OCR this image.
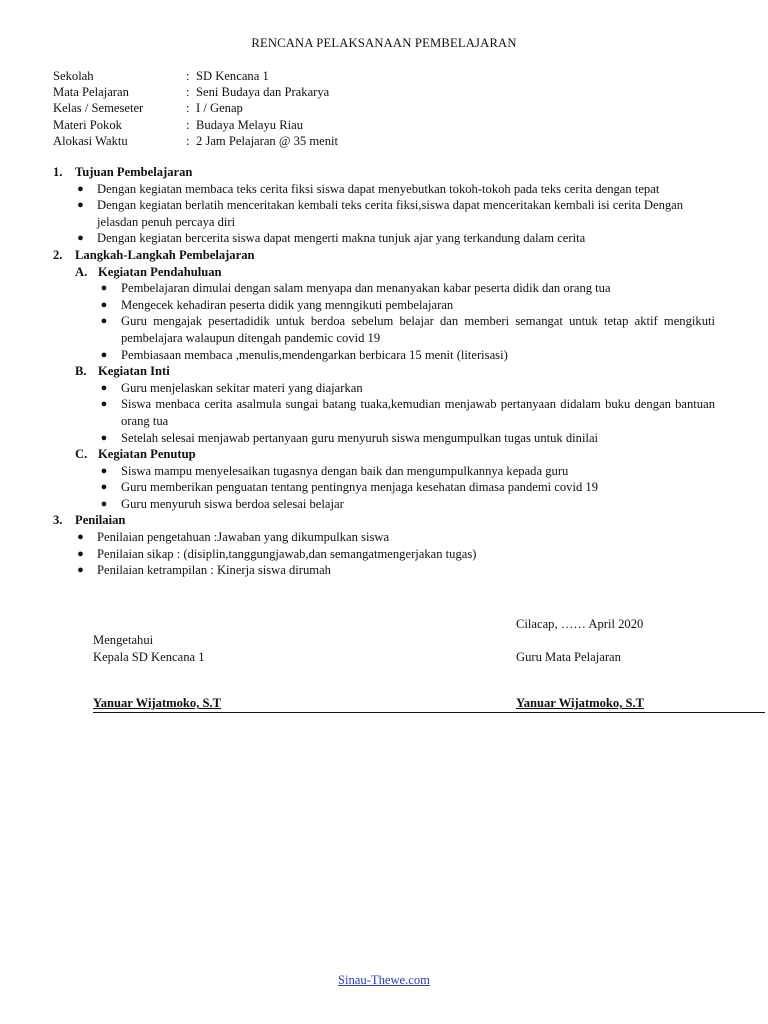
RENCANA PELAKSANAAN PEMBELAJARAN
Sekolah	: SD Kencana 1
Mata Pelajaran	: Seni Budaya dan Prakarya
Kelas / Semeseter	: I / Genap
Materi Pokok	: Budaya Melayu Riau
Alokasi Waktu	: 2 Jam Pelajaran @ 35 menit
1. Tujuan Pembelajaran
●	Dengan kegiatan membaca teks cerita fiksi siswa dapat menyebutkan tokoh-tokoh pada teks cerita dengan tepat
●	Dengan kegiatan berlatih menceritakan kembali teks cerita fiksi,siswa dapat menceritakan kembali isi cerita Dengan jelasdan penuh percaya diri
●	Dengan kegiatan bercerita siswa dapat mengerti makna tunjuk ajar yang terkandung dalam cerita
2. Langkah-Langkah Pembelajaran
A. Kegiatan Pendahuluan
●	Pembelajaran dimulai dengan salam menyapa dan menanyakan kabar peserta didik dan orang tua
●	Mengecek kehadiran peserta didik yang menngikuti pembelajaran
●	Guru mengajak pesertadidik untuk berdoa sebelum belajar dan memberi semangat untuk tetap aktif mengikuti pembelajara walaupun ditengah pandemic covid 19
●	Pembiasaan membaca ,menulis,mendengarkan berbicara 15 menit (literisasi)
B. Kegiatan Inti
●	Guru menjelaskan sekitar materi yang diajarkan
●	Siswa menbaca cerita asalmula sungai batang tuaka,kemudian menjawab pertanyaan didalam buku dengan bantuan orang tua
●	Setelah selesai menjawab pertanyaan guru menyuruh siswa mengumpulkan tugas untuk dinilai
C. Kegiatan Penutup
●	Siswa mampu menyelesaikan tugasnya dengan baik dan mengumpulkannya kepada guru
●	Guru memberikan penguatan tentang pentingnya menjaga kesehatan dimasa pandemi covid 19
●	Guru menyuruh siswa berdoa selesai belajar
3. Penilaian
●	Penilaian pengetahuan :Jawaban yang dikumpulkan siswa
●	Penilaian sikap : (disiplin,tanggungjawab,dan semangatmengerjakan tugas)
●	Penilaian ketrampilan : Kinerja siswa dirumah
Cilacap, …… April 2020
Guru Mata Pelajaran
Yanuar Wijatmoko, S.T
Mengetahui
Kepala SD Kencana 1
Yanuar Wijatmoko, S.T
Sinau-Thewe.com
